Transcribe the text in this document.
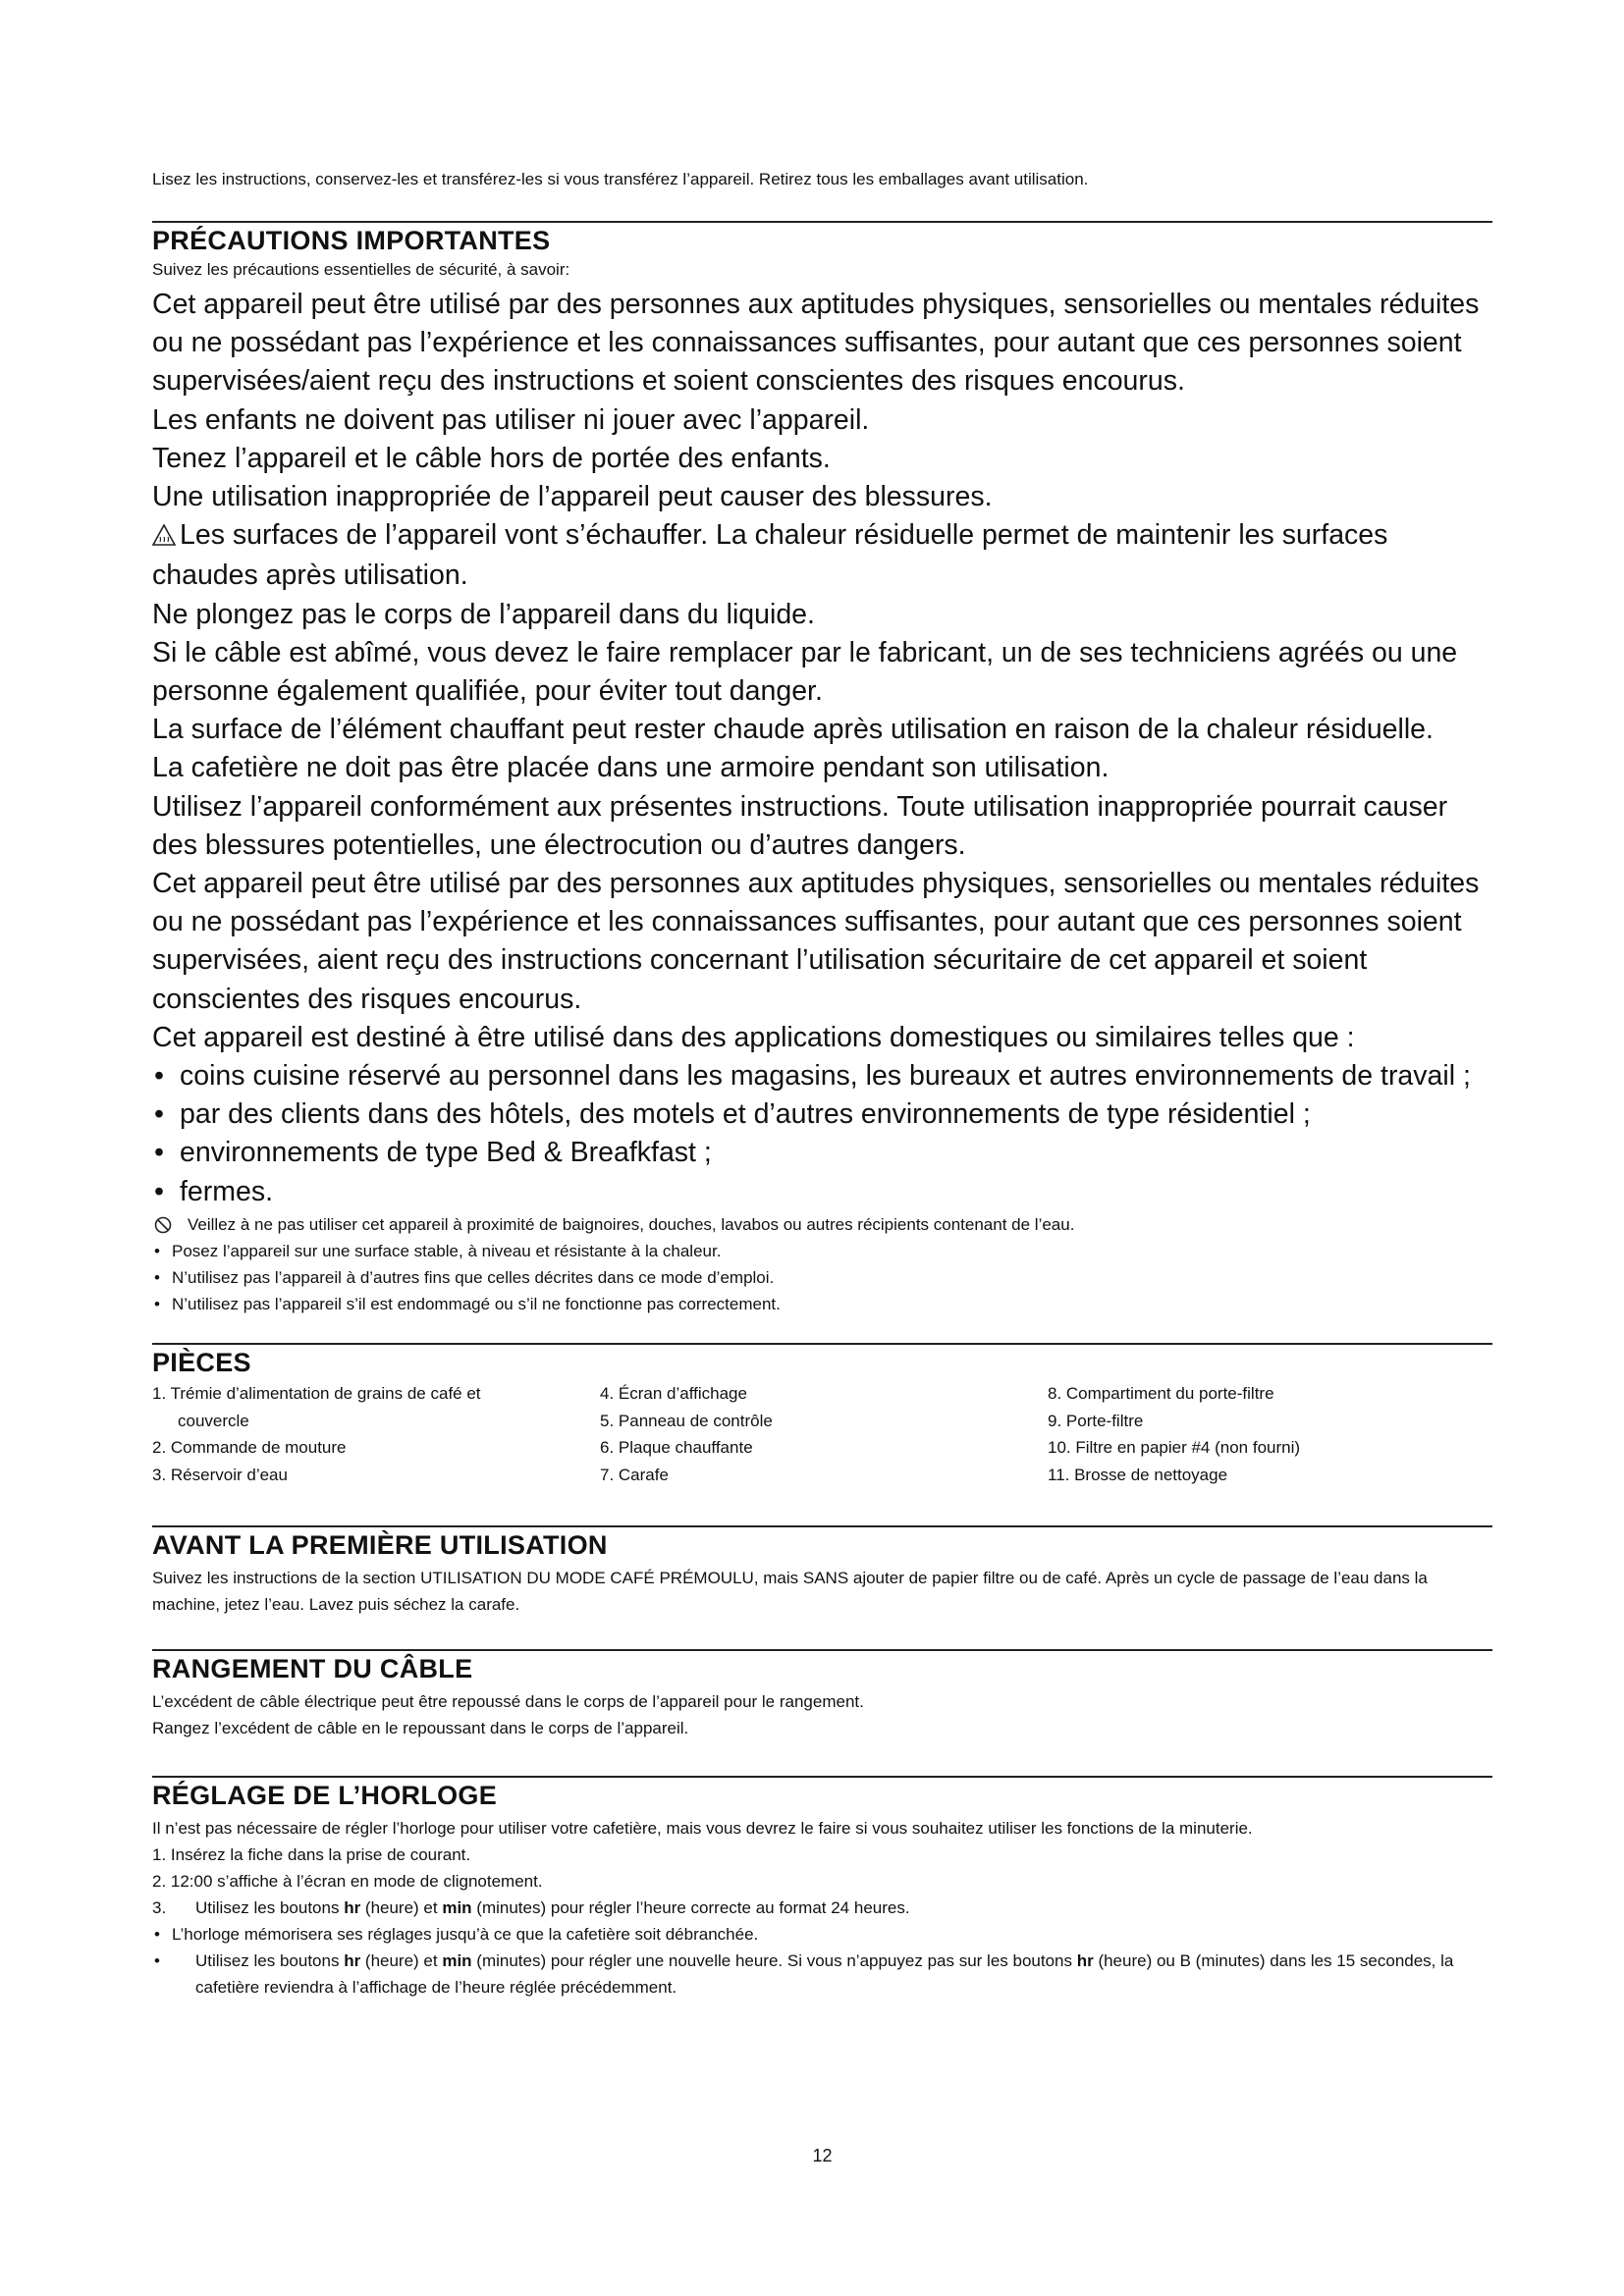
Lisez les instructions, conservez-les et transférez-les si vous transférez l’appareil. Retirez tous les emballages avant utilisation.
PRÉCAUTIONS IMPORTANTES
Suivez les précautions essentielles de sécurité, à savoir:

Cet appareil peut être utilisé par des personnes aux aptitudes physiques, sensorielles ou mentales réduites ou ne possédant pas l’expérience et les connaissances suffisantes, pour autant que ces personnes soient supervisées/aient reçu des instructions et soient conscientes des risques encourus.

Les enfants ne doivent pas utiliser ni jouer avec l’appareil.

Tenez l’appareil et le câble hors de portée des enfants.

Une utilisation inappropriée de l’appareil peut causer des blessures.

Les surfaces de l’appareil vont s’échauffer. La chaleur résiduelle permet de maintenir les surfaces chaudes après utilisation.

Ne plongez pas le corps de l’appareil dans du liquide.

Si le câble est abîmé, vous devez le faire remplacer par le fabricant, un de ses techniciens agréés ou une personne également qualifiée, pour éviter tout danger.

La surface de l’élément chauffant peut rester chaude après utilisation en raison de la chaleur résiduelle.

La cafetière ne doit pas être placée dans une armoire pendant son utilisation.

Utilisez l’appareil conformément aux présentes instructions. Toute utilisation inappropriée pourrait causer des blessures potentielles, une électrocution ou d’autres dangers.

Cet appareil peut être utilisé par des personnes aux aptitudes physiques, sensorielles ou mentales réduites ou ne possédant pas l’expérience et les connaissances suffisantes, pour autant que ces personnes soient supervisées, aient reçu des instructions concernant l’utilisation sécuritaire de cet appareil et soient conscientes des risques encourus.

Cet appareil est destiné à être utilisé dans des applications domestiques ou similaires telles que :

• coins cuisine réservé au personnel dans les magasins, les bureaux et autres environnements de travail ;

• par des clients dans des hôtels, des motels et d’autres environnements de type résidentiel ;

• environnements de type Bed & Breafkfast ;

• fermes.

Veillez à ne pas utiliser cet appareil à proximité de baignoires, douches, lavabos ou autres récipients contenant de l’eau.

• Posez l’appareil sur une surface stable, à niveau et résistante à la chaleur.

• N’utilisez pas l’appareil à d’autres fins que celles décrites dans ce mode d’emploi.

• N’utilisez pas l’appareil s’il est endommagé ou s’il ne fonctionne pas correctement.

PIÈCES

1. Trémie d’alimentation de grains de café et

couvercle

2. Commande de mouture

3. Réservoir d’eau

4. Écran d’affichage

5. Panneau de contrôle

6. Plaque chauffante

7. Carafe

8. Compartiment du porte-filtre

9. Porte-filtre

10. Filtre en papier #4 (non fourni)

11. Brosse de nettoyage

AVANT LA PREMIÈRE UTILISATION
Suivez les instructions de la section UTILISATION DU MODE CAFÉ PRÉMOULU, mais SANS ajouter de papier filtre ou de café. Après un cycle de passage de l’eau dans la machine, jetez l’eau. Lavez puis séchez la carafe.
RANGEMENT DU CÂBLE
L’excédent de câble électrique peut être repoussé dans le corps de l’appareil pour le rangement.
Rangez l’excédent de câble en le repoussant dans le corps de l’appareil.
RÉGLAGE DE L’HORLOGE

Il n’est pas nécessaire de régler l’horloge pour utiliser votre cafetière, mais vous devrez le faire si vous souhaitez utiliser les fonctions de la minuterie.

1. Insérez la fiche dans la prise de courant.

2. 12:00 s’affiche à l’écran en mode de clignotement.

3. Utilisez les boutons hr (heure) et min (minutes) pour régler l’heure correcte au format 24 heures.

• L’horloge mémorisera ses réglages jusqu’à ce que la cafetière soit débranchée.

• Utilisez les boutons hr (heure) et min (minutes) pour régler une nouvelle heure. Si vous n’appuyez pas sur les boutons hr (heure) ou B (minutes) dans les 15 secondes, la cafetière reviendra à l’affichage de l’heure réglée précédemment.

12
